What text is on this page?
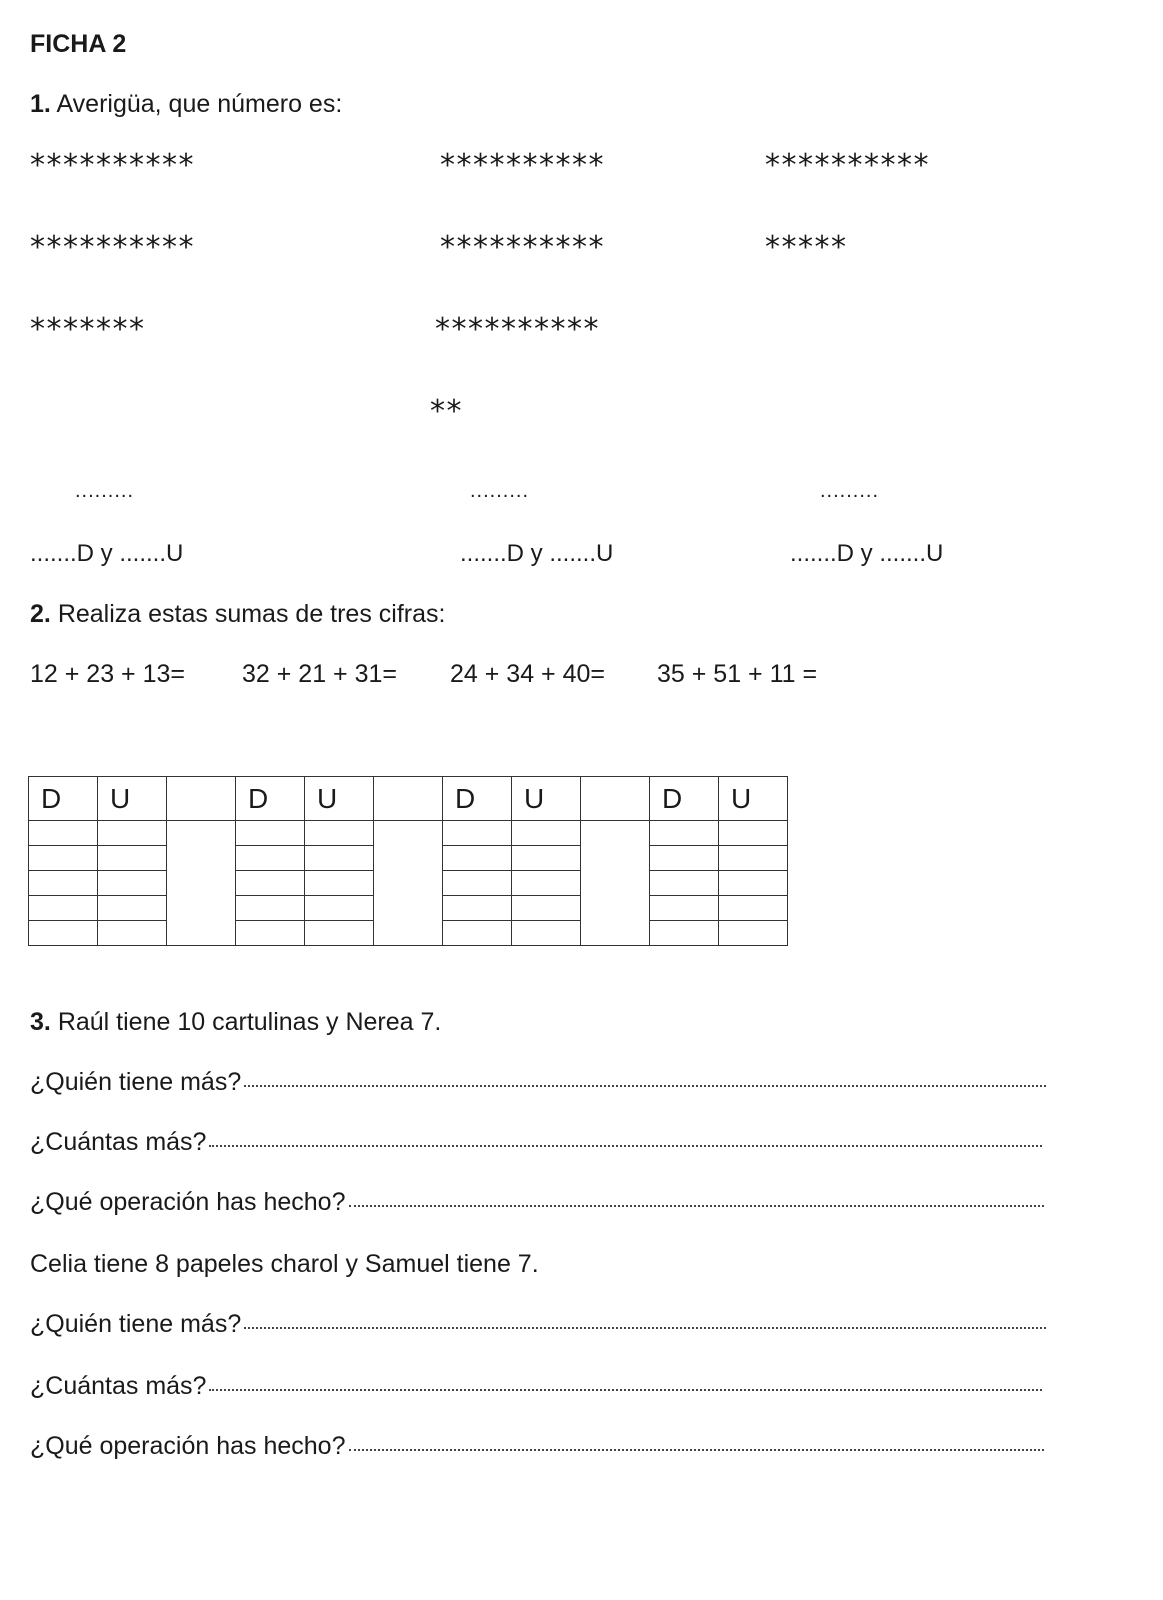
FICHA 2
1. Averigüa, que número es:
**********	**********	**********
**********	**********	*****
*******	**********
**
.........	.........	.........
.......D y .......U	.......D y .......U	.......D y .......U
2. Realiza estas sumas de tres cifras:
12 + 23 + 13= 32 + 21 + 31= 24 + 34 + 40= 35 + 51 + 11 =
D	U		D	U		D	U		D	U

3. Raúl tiene 10 cartulinas y Nerea 7.
¿Quién tiene más?
¿Cuántas más?
¿Qué operación has hecho?
Celia tiene 8 papeles charol y Samuel tiene 7.
¿Quién tiene más?
¿Cuántas más?
¿Qué operación has hecho?
